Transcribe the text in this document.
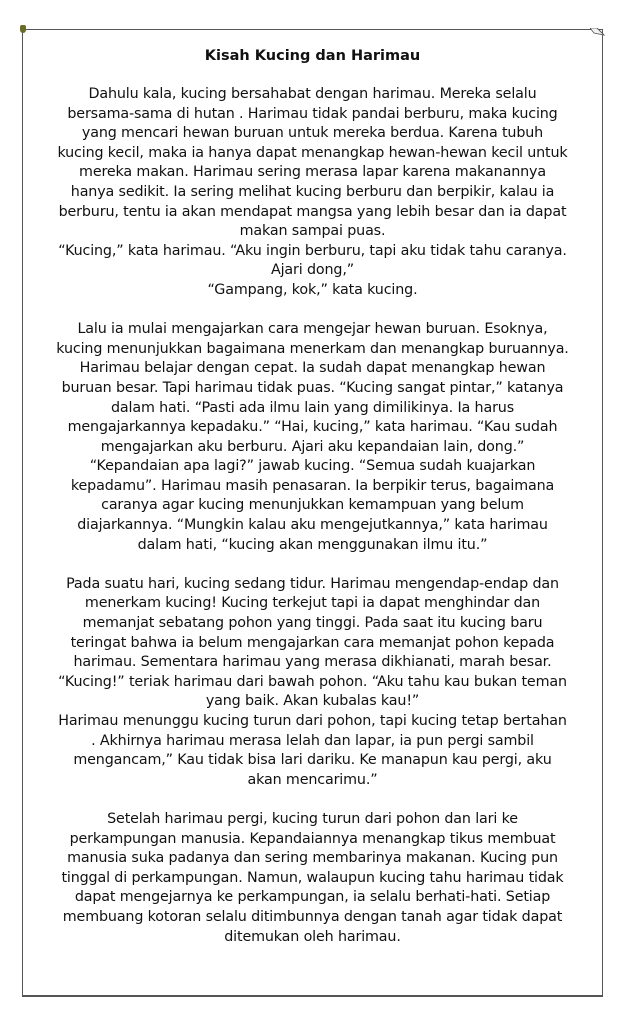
Kisah Kucing dan Harimau
Dahulu kala, kucing bersahabat dengan harimau. Mereka selalu
bersama-sama di hutan . Harimau tidak pandai berburu, maka kucing
yang mencari hewan buruan untuk mereka berdua. Karena tubuh
kucing kecil, maka ia hanya dapat menangkap hewan-hewan kecil untuk
mereka makan. Harimau sering merasa lapar karena makanannya
hanya sedikit. Ia sering melihat kucing berburu dan berpikir, kalau ia
berburu, tentu ia akan mendapat mangsa yang lebih besar dan ia dapat
makan sampai puas.
“Kucing,” kata harimau. “Aku ingin berburu, tapi aku tidak tahu caranya.
Ajari dong,”
“Gampang, kok,” kata kucing.
Lalu ia mulai mengajarkan cara mengejar hewan buruan. Esoknya,
kucing menunjukkan bagaimana menerkam dan menangkap buruannya.
Harimau belajar dengan cepat. Ia sudah dapat menangkap hewan
buruan besar. Tapi harimau tidak puas. “Kucing sangat pintar,” katanya
dalam hati. “Pasti ada ilmu lain yang dimilikinya. Ia harus
mengajarkannya kepadaku.” “Hai, kucing,” kata harimau. “Kau sudah
mengajarkan aku berburu. Ajari aku kepandaian lain, dong.”
“Kepandaian apa lagi?” jawab kucing. “Semua sudah kuajarkan
kepadamu”. Harimau masih penasaran. Ia berpikir terus, bagaimana
caranya agar kucing menunjukkan kemampuan yang belum
diajarkannya. “Mungkin kalau aku mengejutkannya,” kata harimau
dalam hati, “kucing akan menggunakan ilmu itu.”
Pada suatu hari, kucing sedang tidur. Harimau mengendap-endap dan
menerkam kucing! Kucing terkejut tapi ia dapat menghindar dan
memanjat sebatang pohon yang tinggi. Pada saat itu kucing baru
teringat bahwa ia belum mengajarkan cara memanjat pohon kepada
harimau. Sementara harimau yang merasa dikhianati, marah besar.
“Kucing!” teriak harimau dari bawah pohon. “Aku tahu kau bukan teman
yang baik. Akan kubalas kau!”
Harimau menunggu kucing turun dari pohon, tapi kucing tetap bertahan
. Akhirnya harimau merasa lelah dan lapar, ia pun pergi sambil
mengancam,” Kau tidak bisa lari dariku. Ke manapun kau pergi, aku
akan mencarimu.”
Setelah harimau pergi, kucing turun dari pohon dan lari ke
perkampungan manusia. Kepandaiannya menangkap tikus membuat
manusia suka padanya dan sering membarinya makanan. Kucing pun
tinggal di perkampungan. Namun, walaupun kucing tahu harimau tidak
dapat mengejarnya ke perkampungan, ia selalu berhati-hati. Setiap
membuang kotoran selalu ditimbunnya dengan tanah agar tidak dapat
ditemukan oleh harimau.
